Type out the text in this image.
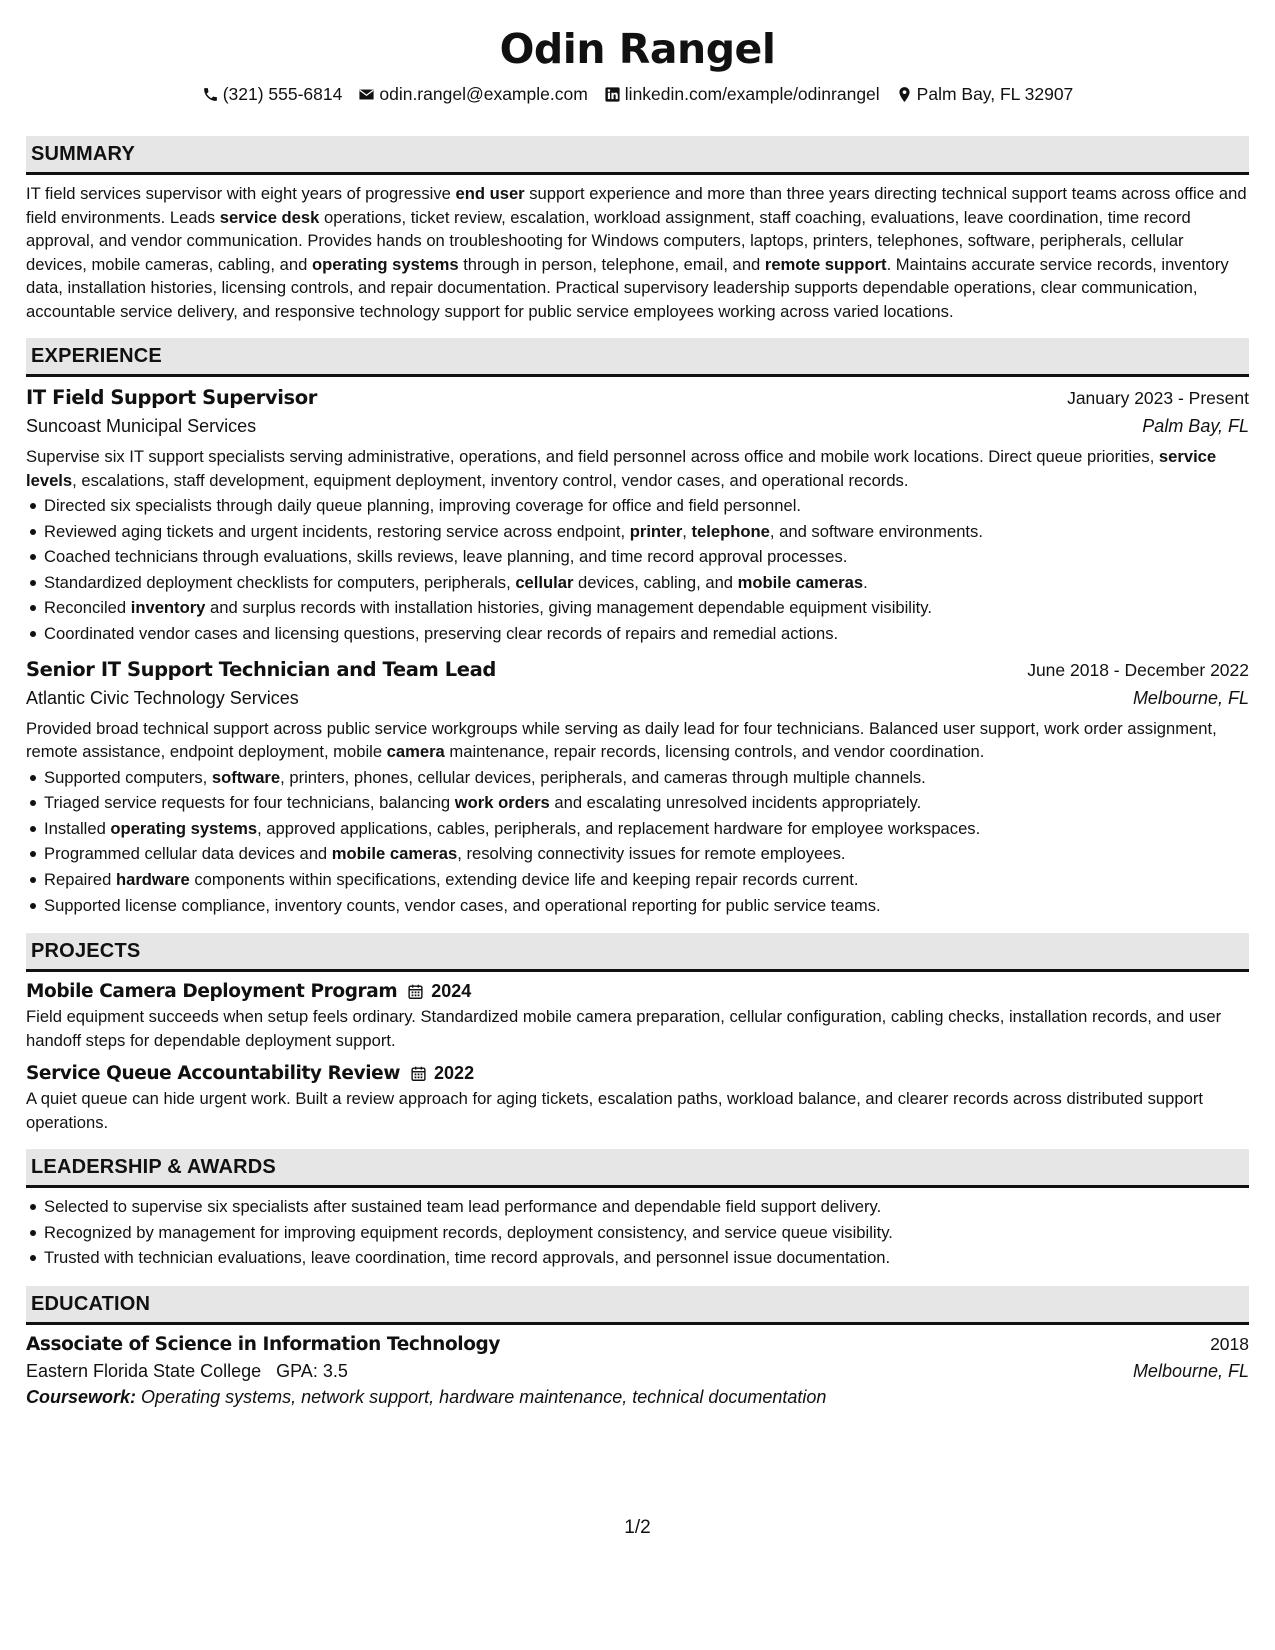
Odin Rangel
(321) 555-6814 odin.rangel@example.com linkedin.com/example/odinrangel Palm Bay, FL 32907
SUMMARY

IT field services supervisor with eight years of progressive end user support experience and more than three years directing technical support teams across office and field environments. Leads service desk operations, ticket review, escalation, workload assignment, staff coaching, evaluations, leave coordination, time record approval, and vendor communication. Provides hands on troubleshooting for Windows computers, laptops, printers, telephones, software, peripherals, cellular devices, mobile cameras, cabling, and operating systems through in person, telephone, email, and remote support. Maintains accurate service records, inventory data, installation histories, licensing controls, and repair documentation. Practical supervisory leadership supports dependable operations, clear communication, accountable service delivery, and responsive technology support for public service employees working across varied locations.

EXPERIENCE
IT Field Support Supervisor	January 2023 - Present
Suncoast Municipal Services	Palm Bay, FL

Supervise six IT support specialists serving administrative, operations, and field personnel across office and mobile work locations. Direct queue priorities, service levels, escalations, staff development, equipment deployment, inventory control, vendor cases, and operational records.

Directed six specialists through daily queue planning, improving coverage for office and field personnel.
Reviewed aging tickets and urgent incidents, restoring service across endpoint, printer, telephone, and software environments.
Coached technicians through evaluations, skills reviews, leave planning, and time record approval processes.
Standardized deployment checklists for computers, peripherals, cellular devices, cabling, and mobile cameras.
Reconciled inventory and surplus records with installation histories, giving management dependable equipment visibility.
Coordinated vendor cases and licensing questions, preserving clear records of repairs and remedial actions.
Senior IT Support Technician and Team Lead	June 2018 - December 2022
Atlantic Civic Technology Services	Melbourne, FL

Provided broad technical support across public service workgroups while serving as daily lead for four technicians. Balanced user support, work order assignment, remote assistance, endpoint deployment, mobile camera maintenance, repair records, licensing controls, and vendor coordination.

Supported computers, software, printers, phones, cellular devices, peripherals, and cameras through multiple channels.
Triaged service requests for four technicians, balancing work orders and escalating unresolved incidents appropriately.
Installed operating systems, approved applications, cables, peripherals, and replacement hardware for employee workspaces.
Programmed cellular data devices and mobile cameras, resolving connectivity issues for remote employees.
Repaired hardware components within specifications, extending device life and keeping repair records current.
Supported license compliance, inventory counts, vendor cases, and operational reporting for public service teams.
PROJECTS
Mobile Camera Deployment Program 2024

Field equipment succeeds when setup feels ordinary. Standardized mobile camera preparation, cellular configuration, cabling checks, installation records, and user handoff steps for dependable deployment support.

Service Queue Accountability Review 2022

A quiet queue can hide urgent work. Built a review approach for aging tickets, escalation paths, workload balance, and clearer records across distributed support operations.

LEADERSHIP & AWARDS
Selected to supervise six specialists after sustained team lead performance and dependable field support delivery.
Recognized by management for improving equipment records, deployment consistency, and service queue visibility.
Trusted with technician evaluations, leave coordination, time record approvals, and personnel issue documentation.
EDUCATION
Associate of Science in Information Technology	2018
Eastern Florida State College GPA: 3.5	Melbourne, FL
Coursework: Operating systems, network support, hardware maintenance, technical documentation
1/2
